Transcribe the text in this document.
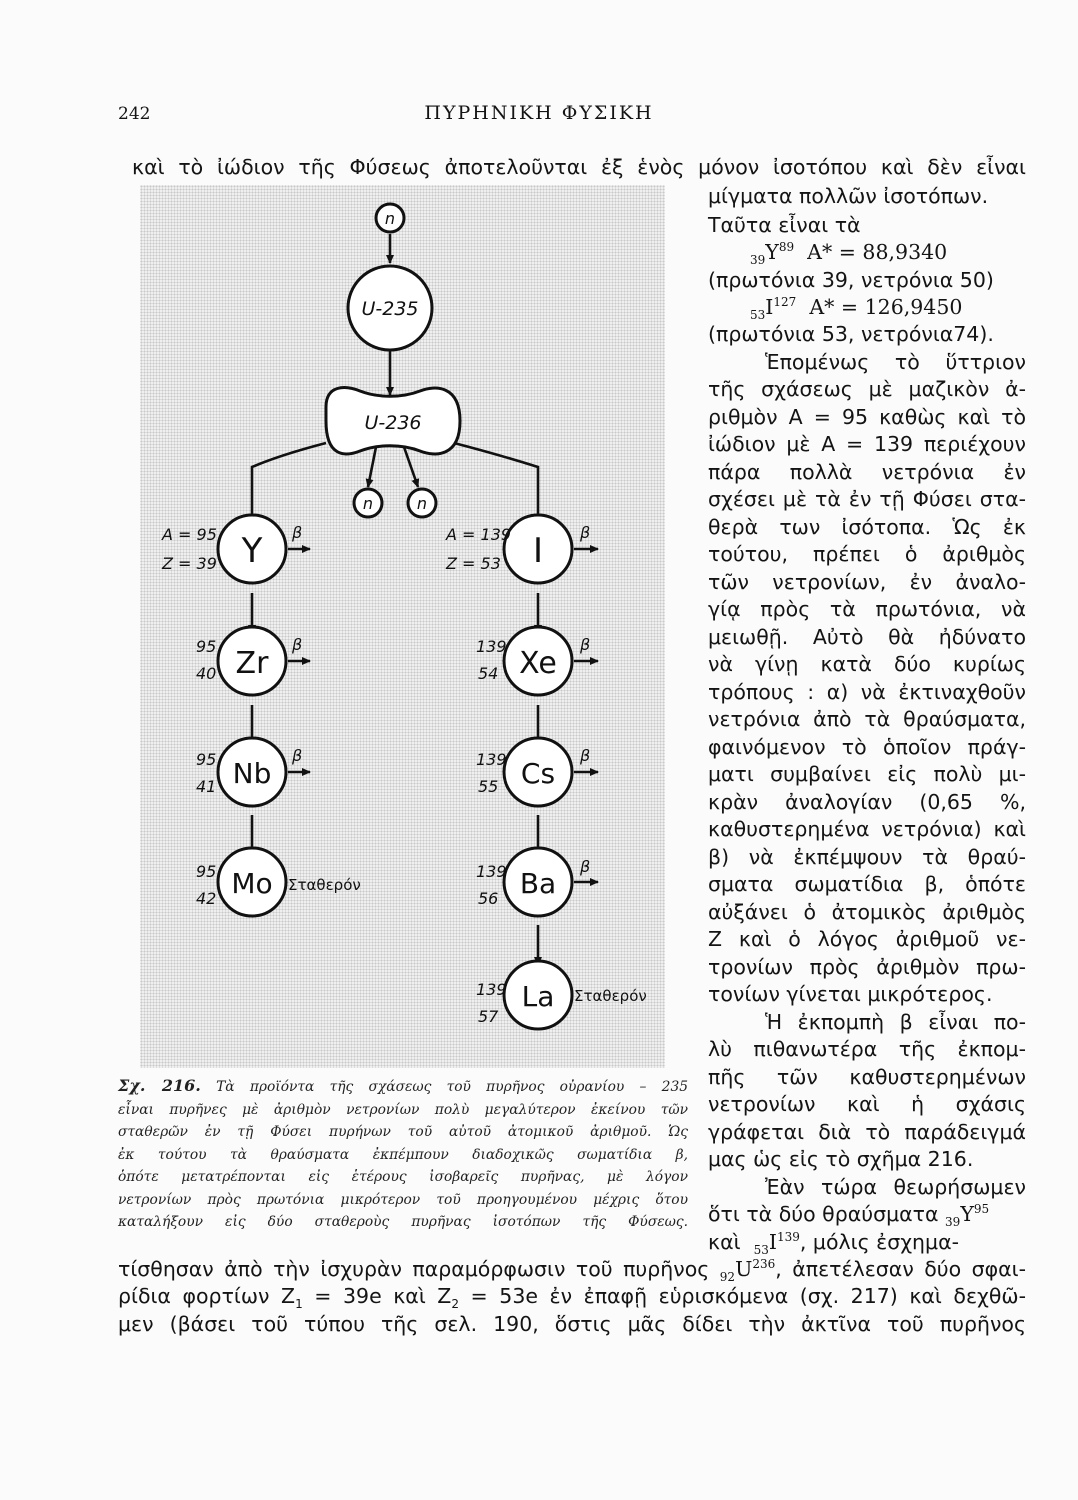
242	ΠΥΡΗΝΙΚΗ ΦΥΣΙΚΗ
καὶ τὸ ἰώδιον τῆς Φύσεως ἀποτελοῦνται ἐξ ἑνὸς μόνον ἰσοτόπου καὶ δὲν εἶναι
n
n	n
U-235
U-236
Y
Zr
Nb
Mo
I
Xe
Cs
Ba
La
A = 95
Z = 39
95
40
95
41
95
42
A = 139
Z = 53
139
54
139
55
139
56
139
57
β
β
β
β
β
β
β
Σταθερόν
Σταθερόν
μίγματα πολλῶν ἰσοτόπων.
Ταῦτα εἶναι τὰ
$_{39}Y^{89}$ A* = 88,9340
(πρωτόνια 39, νετρόνια 50)
$_{53}I^{127}$ A* = 126,9450
(πρωτόνια 53, νετρόνια74).
Ἑπομένως τὸ ὕττριον
τῆς σχάσεως μὲ μαζικὸν ἀ-
ριθμὸν A = 95 καθὼς καὶ τὸ
ἰώδιον μὲ A = 139 περιέχουν
πάρα πολλὰ νετρόνια ἐν
σχέσει μὲ τὰ ἐν τῇ Φύσει στα-
θερὰ των ἰσότοπα. Ὡς ἐκ
τούτου, πρέπει ὁ ἀριθμὸς
τῶν νετρονίων, ἐν ἀναλο-
γίᾳ πρὸς τὰ πρωτόνια, νὰ
μειωθῇ. Αὐτὸ θὰ ἠδύνατο
νὰ γίνῃ κατὰ δύο κυρίως
τρόπους : α) νὰ ἐκτιναχθοῦν
νετρόνια ἀπὸ τὰ θραύσματα,
φαινόμενον τὸ ὁποῖον πράγ-
ματι συμβαίνει εἰς πολὺ μι-
κρὰν ἀναλογίαν (0,65 %,
καθυστερημένα νετρόνια) καὶ
β) νὰ ἐκπέμψουν τὰ θραύ-
σματα σωματίδια β, ὁπότε
αὐξάνει ὁ ἀτομικὸς ἀριθμὸς
Z καὶ ὁ λόγος ἀριθμοῦ νε-
τρονίων πρὸς ἀριθμὸν πρω-
τονίων γίνεται μικρότερος.
Ἡ ἐκπομπὴ β εἶναι πο-
λὺ πιθανωτέρα τῆς ἐκπομ-
πῆς τῶν καθυστερημένων
νετρονίων καὶ ἡ σχάσις
γράφεται διὰ τὸ παράδειγμά
μας ὡς εἰς τὸ σχῆμα 216.
Ἐὰν τώρα θεωρήσωμεν
ὅτι τὰ δύο θραύσματα $_{39}Y^{95}$
καὶ $_{53}I^{139}$, μόλις ἐσχημα-
Σχ. 216. Τὰ προϊόντα τῆς σχάσεως τοῦ πυρῆνος οὐρανίου – 235
εἶναι πυρῆνες μὲ ἀριθμὸν νετρονίων πολὺ μεγαλύτερον ἐκείνου τῶν
σταθερῶν ἐν τῇ Φύσει πυρήνων τοῦ αὐτοῦ ἀτομικοῦ ἀριθμοῦ. Ὡς
ἐκ τούτου τὰ θραύσματα ἐκπέμπουν διαδοχικῶς σωματίδια β,
ὁπότε μετατρέπονται εἰς ἑτέρους ἰσοβαρεῖς πυρῆνας, μὲ λόγον
νετρονίων πρὸς πρωτόνια μικρότερον τοῦ προηγουμένου μέχρις ὅτου
καταλήξουν εἰς δύο σταθεροὺς πυρῆνας ἰσοτόπων τῆς Φύσεως.
τίσθησαν ἀπὸ τὴν ἰσχυρὰν παραμόρφωσιν τοῦ πυρῆνος $_{92}U^{236}$, ἀπετέλεσαν δύο σφαι-
ρίδια φορτίων $Z_1 = 39e$ καὶ $Z_2 = 53e$ ἐν ἐπαφῇ εὑρισκόμενα (σχ. 217) καὶ δεχθῶ-
μεν (βάσει τοῦ τύπου τῆς σελ. 190, ὅστις μᾶς δίδει τὴν ἀκτῖνα τοῦ πυρῆνος
